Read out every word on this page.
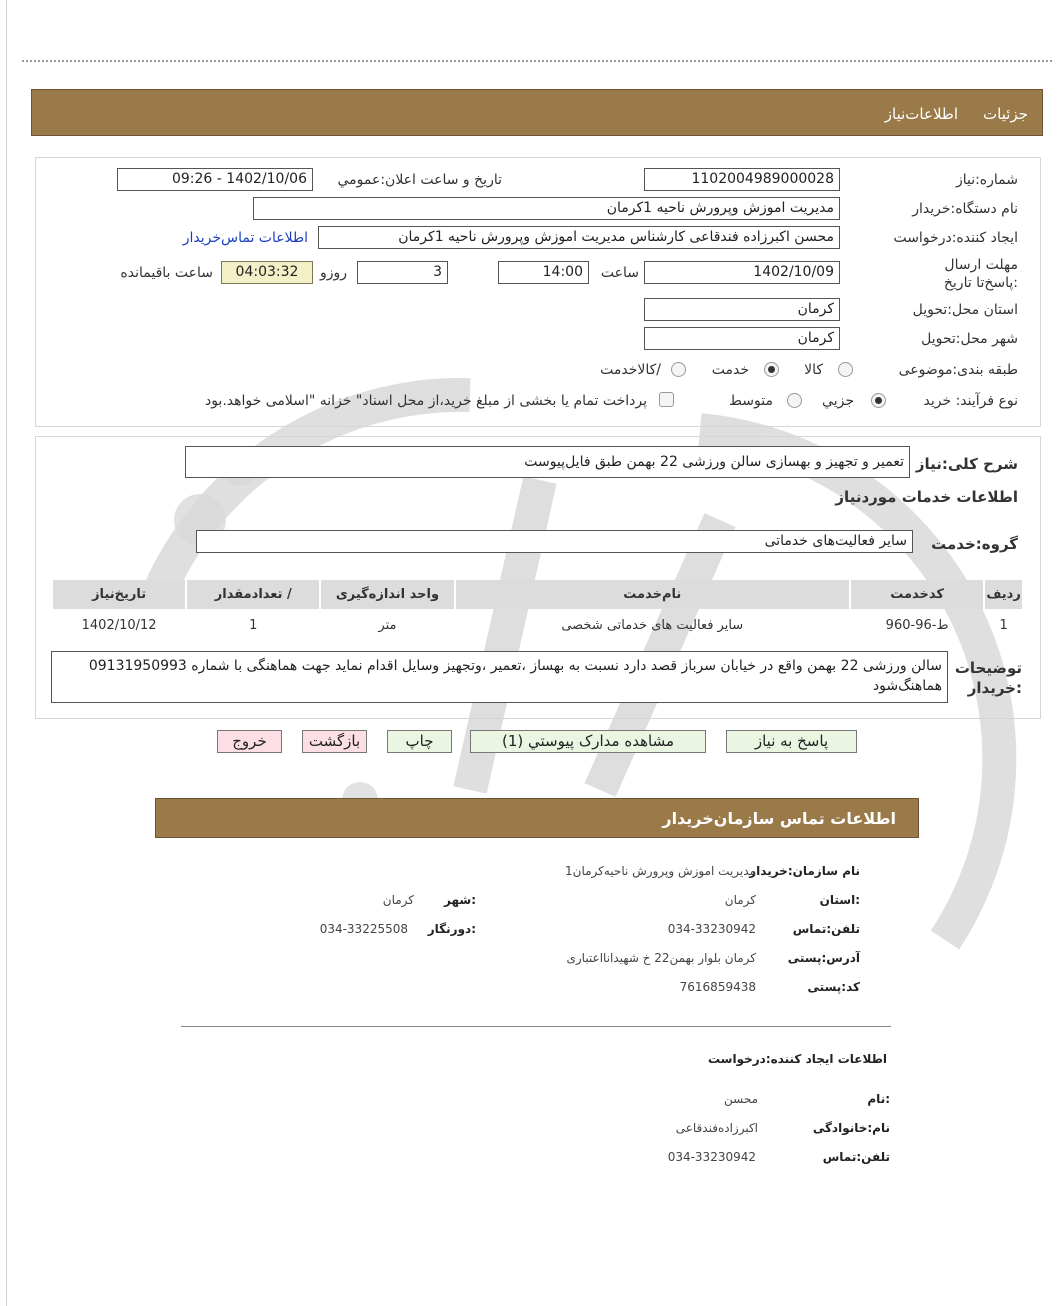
جزئیات
اطلاعات‌نیاز
شماره:نیاز
1102004989000028
تاریخ و ساعت اعلان:عمومي
1402/10/06 - 09:26
نام دستگاه:خریدار
مدیریت اموزش وپرورش ناحیه 1کرمان
ایجاد کننده:درخواست
محسن اکبرزاده فندقاعی کارشناس مدیریت اموزش وپرورش ناحیه 1کرمان
اطلاعات تماس‌خریدار
مهلت ارسال :پاسخ‌تا تاریخ
1402/10/09
ساعت
14:00
3
روزو
04:03:32
ساعت باقیمانده
استان محل:تحویل
کرمان
شهر محل:تحویل
کرمان
طبقه بندی:موضوعی
کالا
خدمت
/کالاخدمت
نوع فرآیند: خرید
جزیي
متوسط
پرداخت تمام یا بخشی از مبلغ خرید،از محل اسناد" خزانه "اسلامی خواهد.بود
شرح کلی:نیاز
تعمیر و تجهیز و بهسازی سالن ورزشی 22 بهمن طبق فایل‌پیوست
اطلاعات خدمات موردنیاز
گروه:خدمت
سایر فعالیت‌های خدماتی
ردیف	کدخدمت	نام‌خدمت	واحد اندازه‌گیری	/ تعدادمقدار	تاریخ‌نیاز
1	ط-96-960	سایر فعالیت های خدماتی شخصی	متر	1	1402/10/12
توضیحات :خریدار
سالن ورزشی 22 بهمن واقع در خیابان سرباز قصد دارد نسبت به بهساز ،تعمیر ،وتجهیز وسایل اقدام نماید جهت هماهنگی با شماره 09131950993 هماهنگ‌شود
پاسخ به نیاز
مشاهده مدارک پیوستي (1)
چاپ
بازگشت
خروج
اطلاعات تماس سازمان‌خریدار
نام سازمان:خریدار
مدیریت اموزش وپرورش ناحیه‌کرمان1
:استان
کرمان
:شهر
کرمان
تلفن:تماس
034-33230942
:دورنگار
034-33225508
آدرس:پستی
کرمان بلوار بهمن22 خ شهیدانااعتباری
کد:پستی
7616859438
اطلاعات ایجاد کننده:درخواست
:نام
محسن
نام:خانوادگی
اکبرزاده‌فندقاعی
تلفن:تماس
034-33230942
